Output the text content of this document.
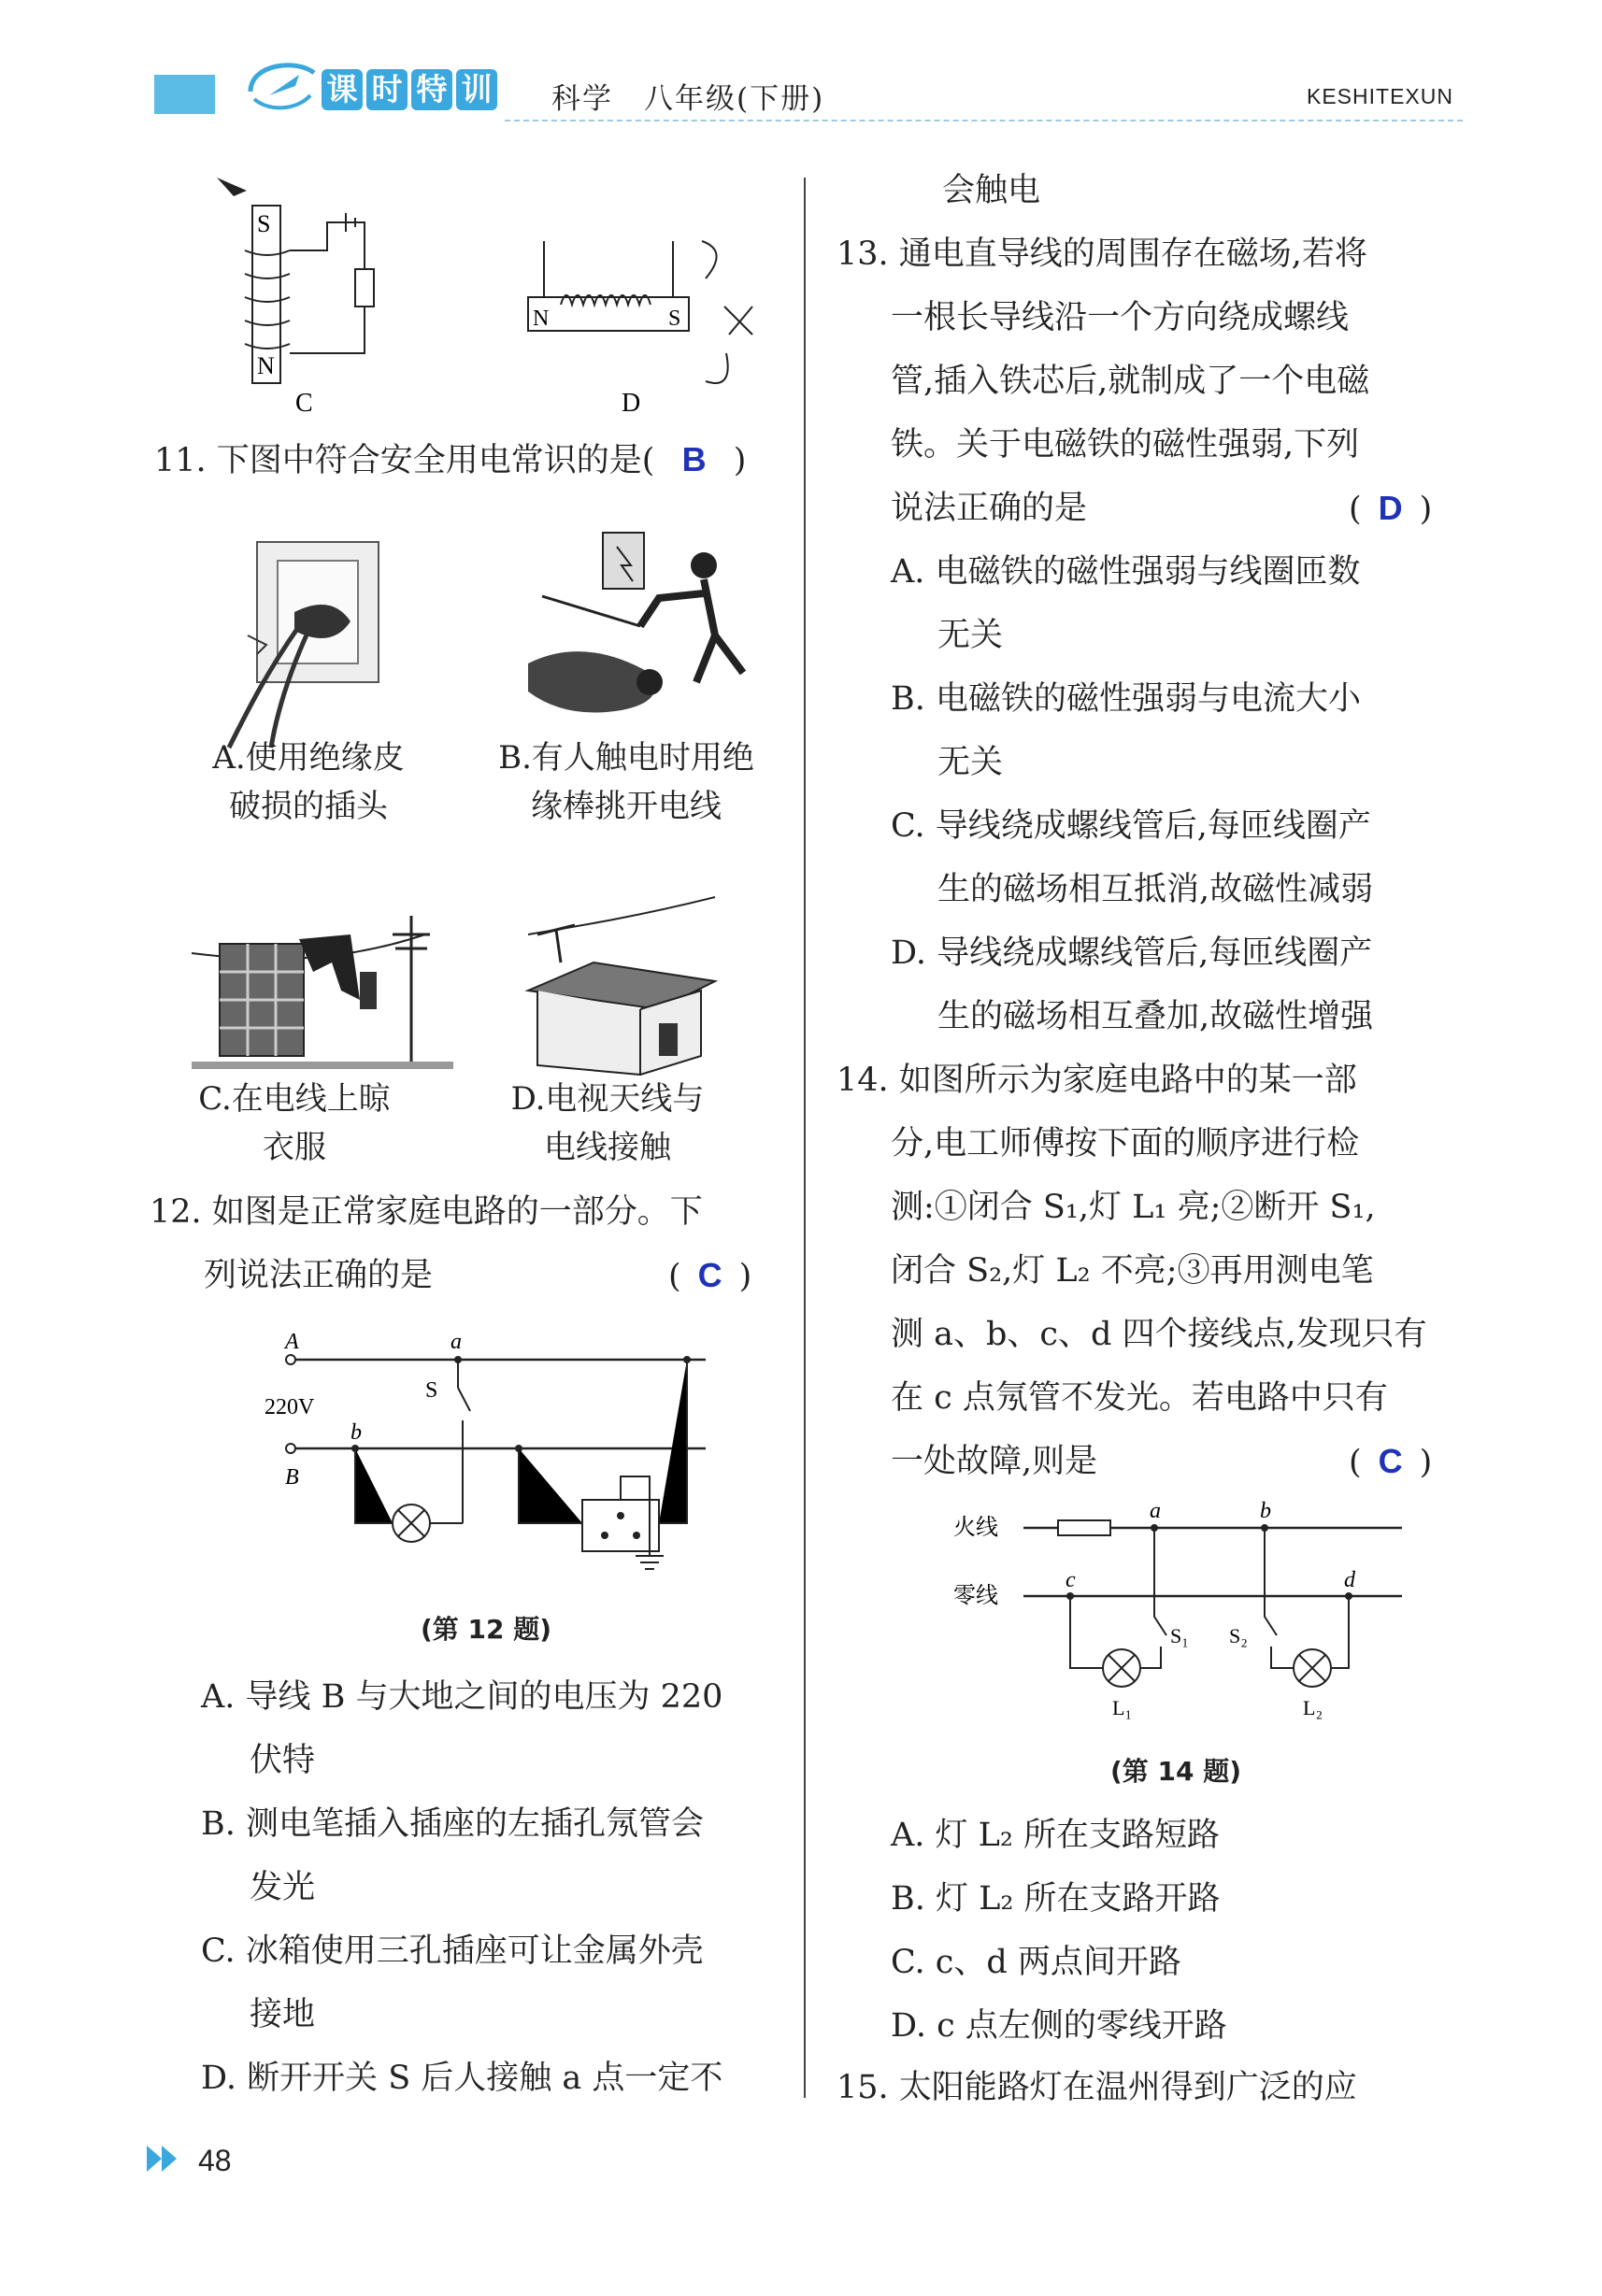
课 时 特 训 科学　八年级(下册)	KESHITEXUN
S
N
C
N	S
D
11. 下图中符合安全用电常识的是( B )
A.使用绝缘皮
破损的插头
B.有人触电时用绝
缘棒挑开电线
C.在电线上晾
衣服
D.电视天线与
电线接触
12. 如图是正常家庭电路的一部分。下
列说法正确的是	( C )
A
B
220V
a
S
b
(第 12 题)
A. 导线 B 与大地之间的电压为 220
伏特
B. 测电笔插入插座的左插孔氖管会
发光
C. 冰箱使用三孔插座可让金属外壳
接地
D. 断开开关 S 后人接触 a 点一定不
会触电
13. 通电直导线的周围存在磁场,若将
一根长导线沿一个方向绕成螺线
管,插入铁芯后,就制成了一个电磁
铁。关于电磁铁的磁性强弱,下列
说法正确的是	( D )
A. 电磁铁的磁性强弱与线圈匝数
无关
B. 电磁铁的磁性强弱与电流大小
无关
C. 导线绕成螺线管后,每匝线圈产
生的磁场相互抵消,故磁性减弱
D. 导线绕成螺线管后,每匝线圈产
生的磁场相互叠加,故磁性增强
14. 如图所示为家庭电路中的某一部
分,电工师傅按下面的顺序进行检
测:①闭合 S₁,灯 L₁ 亮;②断开 S₁,
闭合 S₂,灯 L₂ 不亮;③再用测电笔
测 a、b、c、d 四个接线点,发现只有
在 c 点氖管不发光。若电路中只有
一处故障,则是	( C )
火线
零线
a	b
c	d
S₁
L₁
S₂
L₂
(第 14 题)
A. 灯 L₂ 所在支路短路
B. 灯 L₂ 所在支路开路
C. c、d 两点间开路
D. c 点左侧的零线开路
15. 太阳能路灯在温州得到广泛的应
48
